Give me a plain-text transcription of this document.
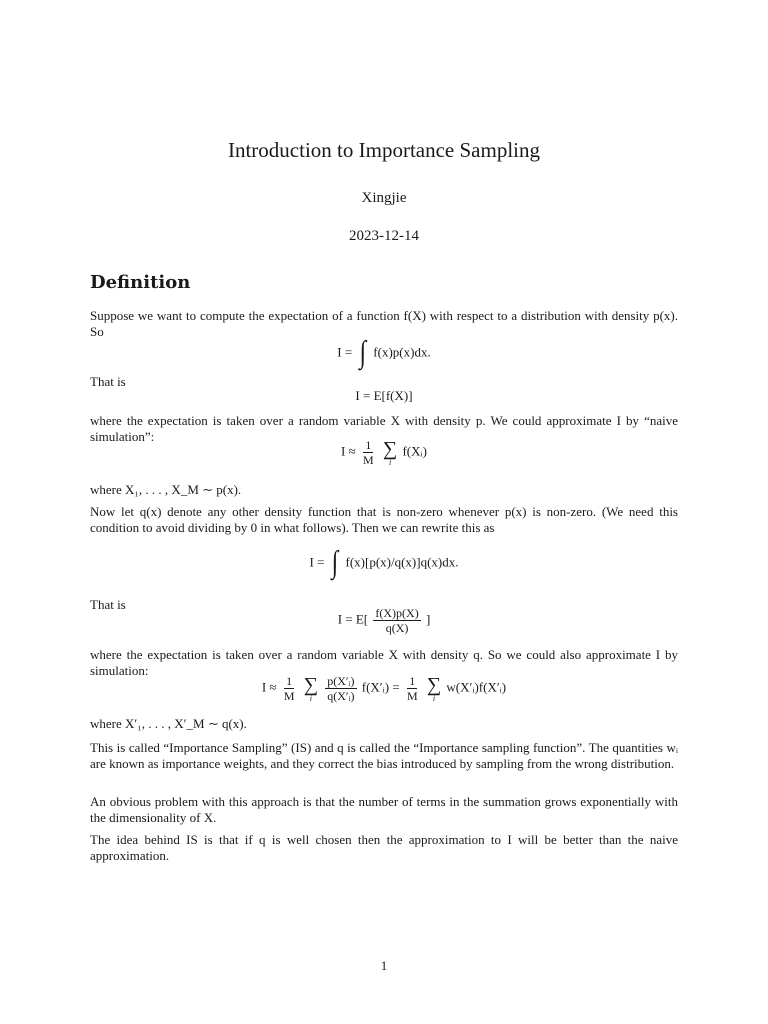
Introduction to Importance Sampling
Xingjie
2023-12-14
Definition
Suppose we want to compute the expectation of a function f(X) with respect to a distribution with density p(x). So
I = ∫ f(x)p(x)dx.
That is
I = E[f(X)]
where the expectation is taken over a random variable X with density p. We could approximate I by “naive simulation”:
$I \approx \frac{1}{M}$
∑
i
f(Xᵢ)
where X₁, . . . , X_M ∼ p(x).
Now let q(x) denote any other density function that is non-zero whenever p(x) is non-zero. (We need this condition to avoid dividing by 0 in what follows). Then we can rewrite this as
I = ∫ f(x)[p(x)/q(x)]q(x)dx.
That is
$I = E[ \frac{f(X)p(X)}{q(X)}$ ]
where the expectation is taken over a random variable X with density q. So we could also approximate I by simulation:
$I \approx \frac{1}{M}$
∑
i
$\frac{\text{p(X′ᵢ)}}{\text{q(X′ᵢ)}}$ f(X′ᵢ) = $\frac{1}{M}$
∑
i
w(X′ᵢ)f(X′ᵢ)
where X′₁, . . . , X′_M ∼ q(x).
This is called “Importance Sampling” (IS) and q is called the “Importance sampling function”. The quantities wᵢ are known as importance weights, and they correct the bias introduced by sampling from the wrong distribution.
An obvious problem with this approach is that the number of terms in the summation grows exponentially with the dimensionality of X.
The idea behind IS is that if q is well chosen then the approximation to I will be better than the naive approximation.
1
